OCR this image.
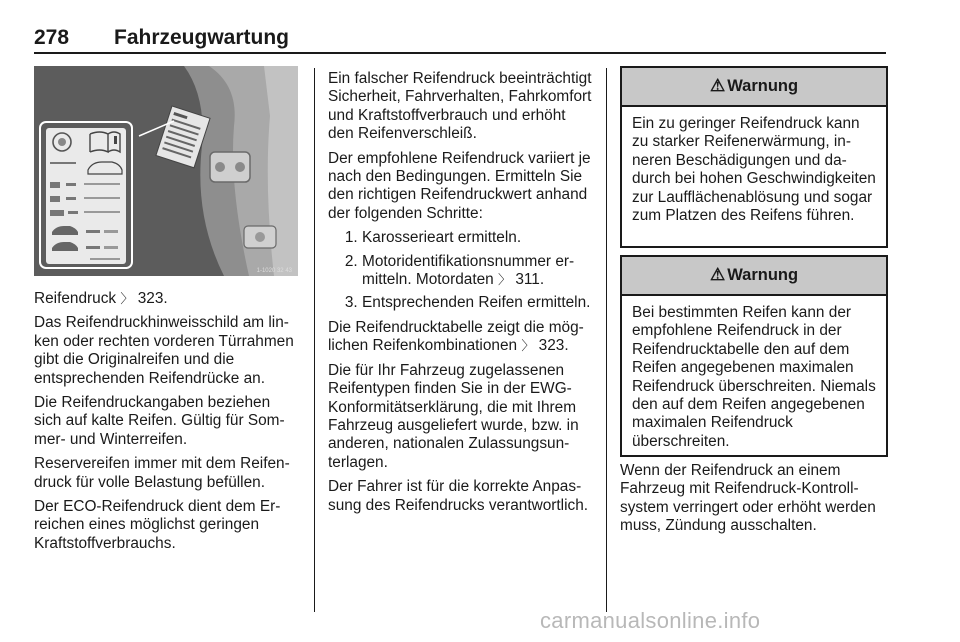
278 Fahrzeugwartung
1-1020 32 43

Reifendruck 〉 323.

Das Reifendruckhinweisschild am linken oder rechten vorderen Türrahmen gibt die Originalreifen und die entsprechenden Reifendrücke an.

Die Reifendruckangaben beziehen sich auf kalte Reifen. Gültig für Sommer- und Winterreifen.

Reservereifen immer mit dem Reifendruck für volle Belastung befüllen.

Der ECO-Reifendruck dient dem Erreichen eines möglichst geringen Kraftstoffverbrauchs.

Ein falscher Reifendruck beeinträchtigt Sicherheit, Fahrverhalten, Fahrkomfort und Kraftstoffverbrauch und erhöht den Reifenverschleiß.

Der empfohlene Reifendruck variiert je nach den Bedingungen. Ermitteln Sie den richtigen Reifendruckwert anhand der folgenden Schritte:

1. Karosserieart ermitteln.
2. Motoridentifikationsnummer ermitteln. Motordaten 〉 311.
3. Entsprechenden Reifen ermitteln.

Die Reifendrucktabelle zeigt die möglichen Reifenkombinationen 〉 323.

Die für Ihr Fahrzeug zugelassenen Reifentypen finden Sie in der EWG-Konformitätserklärung, die mit Ihrem Fahrzeug ausgeliefert wurde, bzw. in anderen, nationalen Zulassungsunterlagen.

Der Fahrer ist für die korrekte Anpassung des Reifendrucks verantwortlich.

⚠ Warnung
Ein zu geringer Reifendruck kann zu starker Reifenerwärmung, inneren Beschädigungen und dadurch bei hohen Geschwindigkeiten zur Laufflächenablösung und sogar zum Platzen des Reifens führen.
⚠ Warnung
Bei bestimmten Reifen kann der empfohlene Reifendruck in der Reifendrucktabelle den auf dem Reifen angegebenen maximalen Reifendruck überschreiten. Niemals den auf dem Reifen angegebenen maximalen Reifendruck überschreiten.

Wenn der Reifendruck an einem Fahrzeug mit Reifendruck-Kontrollsystem verringert oder erhöht werden muss, Zündung ausschalten.

carmanualsonline.info
